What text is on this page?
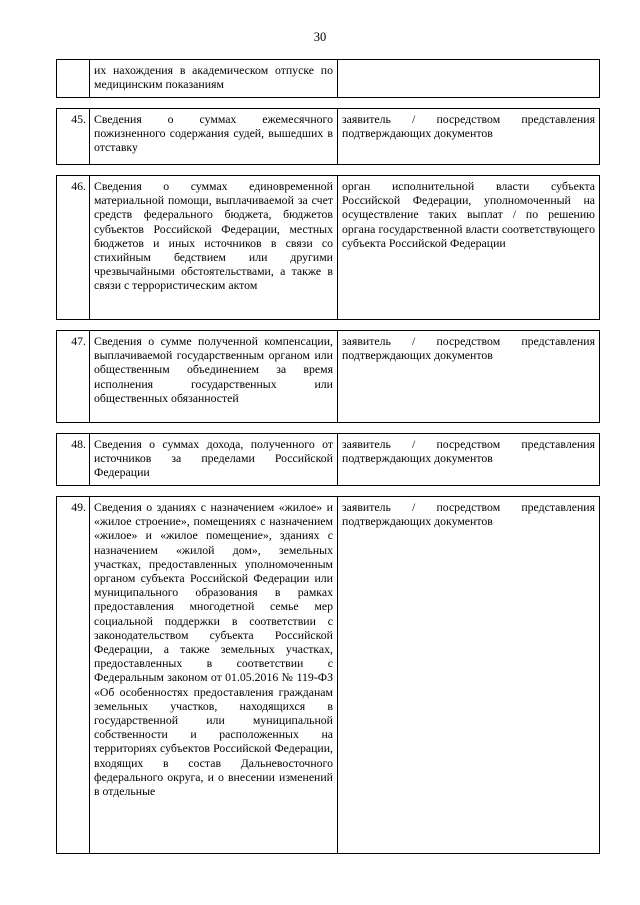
30
	их нахождения в академическом отпуске по медицинским показаниям	

45.	Сведения о суммах ежемесячного пожизненного содержания судей, вышедших в отставку	заявитель / посредством представления подтверждающих документов

46.	Сведения о суммах единовременной материальной помощи, выплачиваемой за счет средств федерального бюджета, бюджетов субъектов Российской Федерации, местных бюджетов и иных источников в связи со стихийным бедствием или другими чрезвычайными обстоятельствами, а также в связи с террористическим актом	орган исполнительной власти субъекта Российской Федерации, уполномоченный на осуществление таких выплат / по решению органа государственной власти соответствующего субъекта Российской Федерации

47.	Сведения о сумме полученной компенсации, выплачиваемой государственным органом или общественным объединением за время исполнения государственных или общественных обязанностей	заявитель / посредством представления подтверждающих документов

48.	Сведения о суммах дохода, полученного от источников за пределами Российской Федерации	заявитель / посредством представления подтверждающих документов

49.	Сведения о зданиях с назначением «жилое» и «жилое строение», помещениях с назначением «жилое» и «жилое помещение», зданиях с назначением «жилой дом», земельных участках, предоставленных уполномоченным органом субъекта Российской Федерации или муниципального образования в рамках предоставления многодетной семье мер социальной поддержки в соответствии с законодательством субъекта Российской Федерации, а также земельных участках, предоставленных в соответствии с Федеральным законом от 01.05.2016 № 119-ФЗ «Об особенностях предоставления гражданам земельных участков, находящихся в государственной или муниципальной собственности и расположенных на территориях субъектов Российской Федерации, входящих в состав Дальневосточного федерального округа, и о внесении изменений в отдельные	заявитель / посредством представления подтверждающих документов
